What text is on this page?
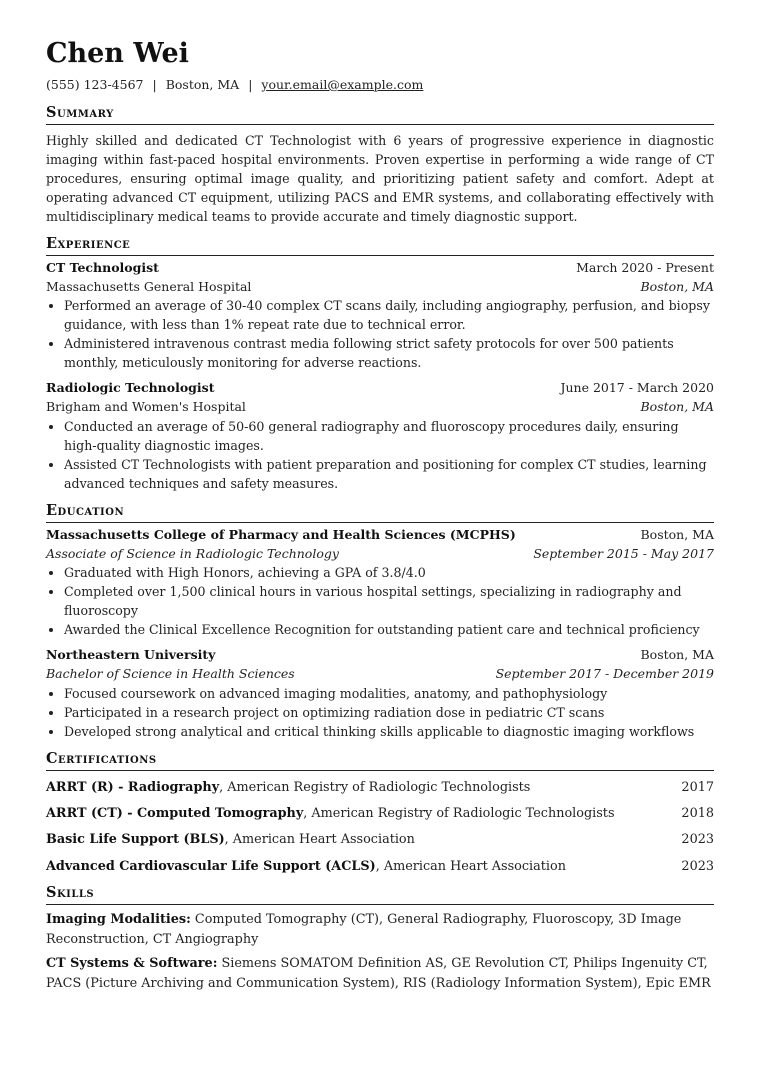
Chen Wei
(555) 123-4567 | Boston, MA | your.email@example.com
Summary

Highly skilled and dedicated CT Technologist with 6 years of progressive experience in diagnostic imaging within fast-paced hospital environments. Proven expertise in performing a wide range of CT procedures, ensuring optimal image quality, and prioritizing patient safety and comfort. Adept at operating advanced CT equipment, utilizing PACS and EMR systems, and collaborating effectively with multidisciplinary medical teams to provide accurate and timely diagnostic support.

Experience
CT Technologist	March 2020 - Present
Massachusetts General Hospital	Boston, MA
• Performed an average of 30-40 complex CT scans daily, including angiography, perfusion, and biopsy guidance, with less than 1% repeat rate due to technical error.
• Administered intravenous contrast media following strict safety protocols for over 500 patients monthly, meticulously monitoring for adverse reactions.
Radiologic Technologist	June 2017 - March 2020
Brigham and Women's Hospital	Boston, MA
• Conducted an average of 50-60 general radiography and fluoroscopy procedures daily, ensuring high-quality diagnostic images.
• Assisted CT Technologists with patient preparation and positioning for complex CT studies, learning advanced techniques and safety measures.
Education
Massachusetts College of Pharmacy and Health Sciences (MCPHS)	Boston, MA
Associate of Science in Radiologic Technology	September 2015 - May 2017
• Graduated with High Honors, achieving a GPA of 3.8/4.0
• Completed over 1,500 clinical hours in various hospital settings, specializing in radiography and fluoroscopy
• Awarded the Clinical Excellence Recognition for outstanding patient care and technical proficiency
Northeastern University	Boston, MA
Bachelor of Science in Health Sciences	September 2017 - December 2019
• Focused coursework on advanced imaging modalities, anatomy, and pathophysiology
• Participated in a research project on optimizing radiation dose in pediatric CT scans
• Developed strong analytical and critical thinking skills applicable to diagnostic imaging workflows
Certifications
ARRT (R) - Radiography, American Registry of Radiologic Technologists	2017
ARRT (CT) - Computed Tomography, American Registry of Radiologic Technologists	2018
Basic Life Support (BLS), American Heart Association	2023
Advanced Cardiovascular Life Support (ACLS), American Heart Association	2023
Skills
Imaging Modalities: Computed Tomography (CT), General Radiography, Fluoroscopy, 3D Image Reconstruction, CT Angiography
CT Systems & Software: Siemens SOMATOM Definition AS, GE Revolution CT, Philips Ingenuity CT, PACS (Picture Archiving and Communication System), RIS (Radiology Information System), Epic EMR
